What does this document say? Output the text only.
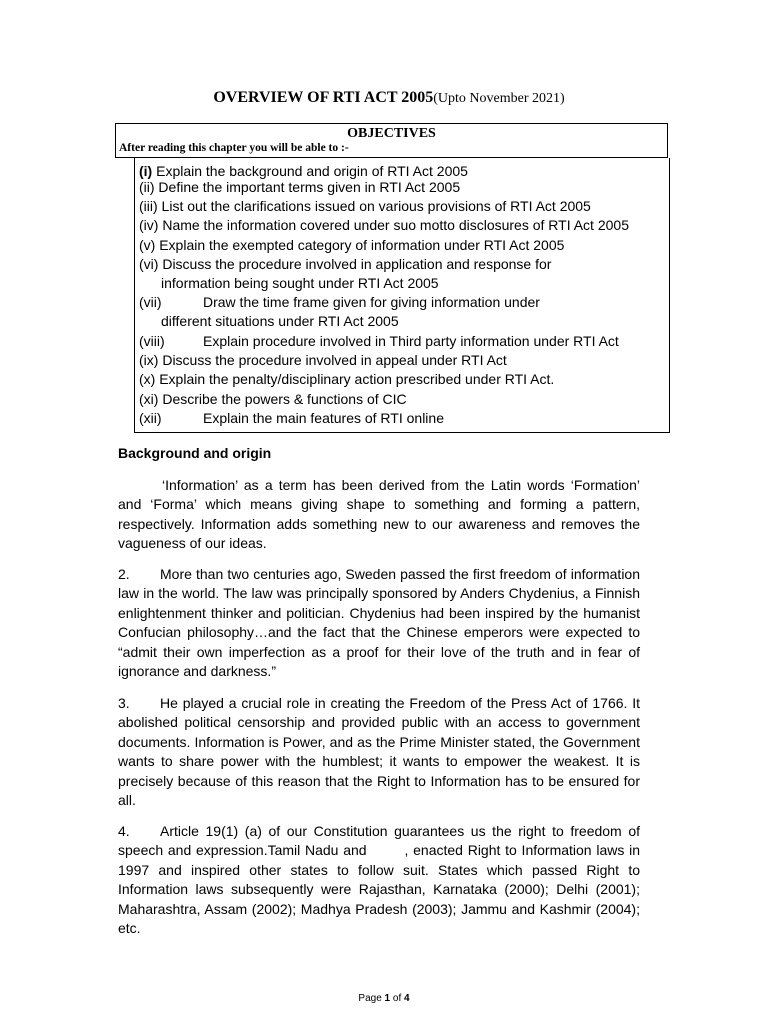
OVERVIEW OF RTI ACT 2005(Upto November 2021)
OBJECTIVES
After reading this chapter you will be able to :-
(i) Explain the background and origin of RTI Act 2005
(ii) Define the important terms given in RTI Act 2005
(iii) List out the clarifications issued on various provisions of RTI Act 2005
(iv) Name the information covered under suo motto disclosures of RTI Act 2005
(v) Explain the exempted category of information under RTI Act 2005
(vi) Discuss the procedure involved in application and response for
information being sought under RTI Act 2005
(vii)	Draw the time frame given for giving information under
different situations under RTI Act 2005
(viii)	Explain procedure involved in Third party information under RTI Act
(ix) Discuss the procedure involved in appeal under RTI Act
(x) Explain the penalty/disciplinary action prescribed under RTI Act.
(xi) Describe the powers & functions of CIC
(xii)	Explain the main features of RTI online
Background and origin
‘Information’ as a term has been derived from the Latin words ‘Formation’ and ‘Forma’ which means giving shape to something and forming a pattern, respectively. Information adds something new to our awareness and removes the vagueness of our ideas.
2. More than two centuries ago, Sweden passed the first freedom of information law in the world. The law was principally sponsored by Anders Chydenius, a Finnish enlightenment thinker and politician. Chydenius had been inspired by the humanist Confucian philosophy…and the fact that the Chinese emperors were expected to “admit their own imperfection as a proof for their love of the truth and in fear of ignorance and darkness.”
3. He played a crucial role in creating the Freedom of the Press Act of 1766. It abolished political censorship and provided public with an access to government documents. Information is Power, and as the Prime Minister stated, the Government wants to share power with the humblest; it wants to empower the weakest. It is precisely because of this reason that the Right to Information has to be ensured for all.
4. Article 19(1) (a) of our Constitution guarantees us the right to freedom of speech and expression.Tamil Nadu and        , enacted Right to Information laws in 1997 and inspired other states to follow suit. States which passed Right to Information laws subsequently were Rajasthan, Karnataka (2000); Delhi (2001); Maharashtra, Assam (2002); Madhya Pradesh (2003); Jammu and Kashmir (2004); etc.
Page 1 of 4
